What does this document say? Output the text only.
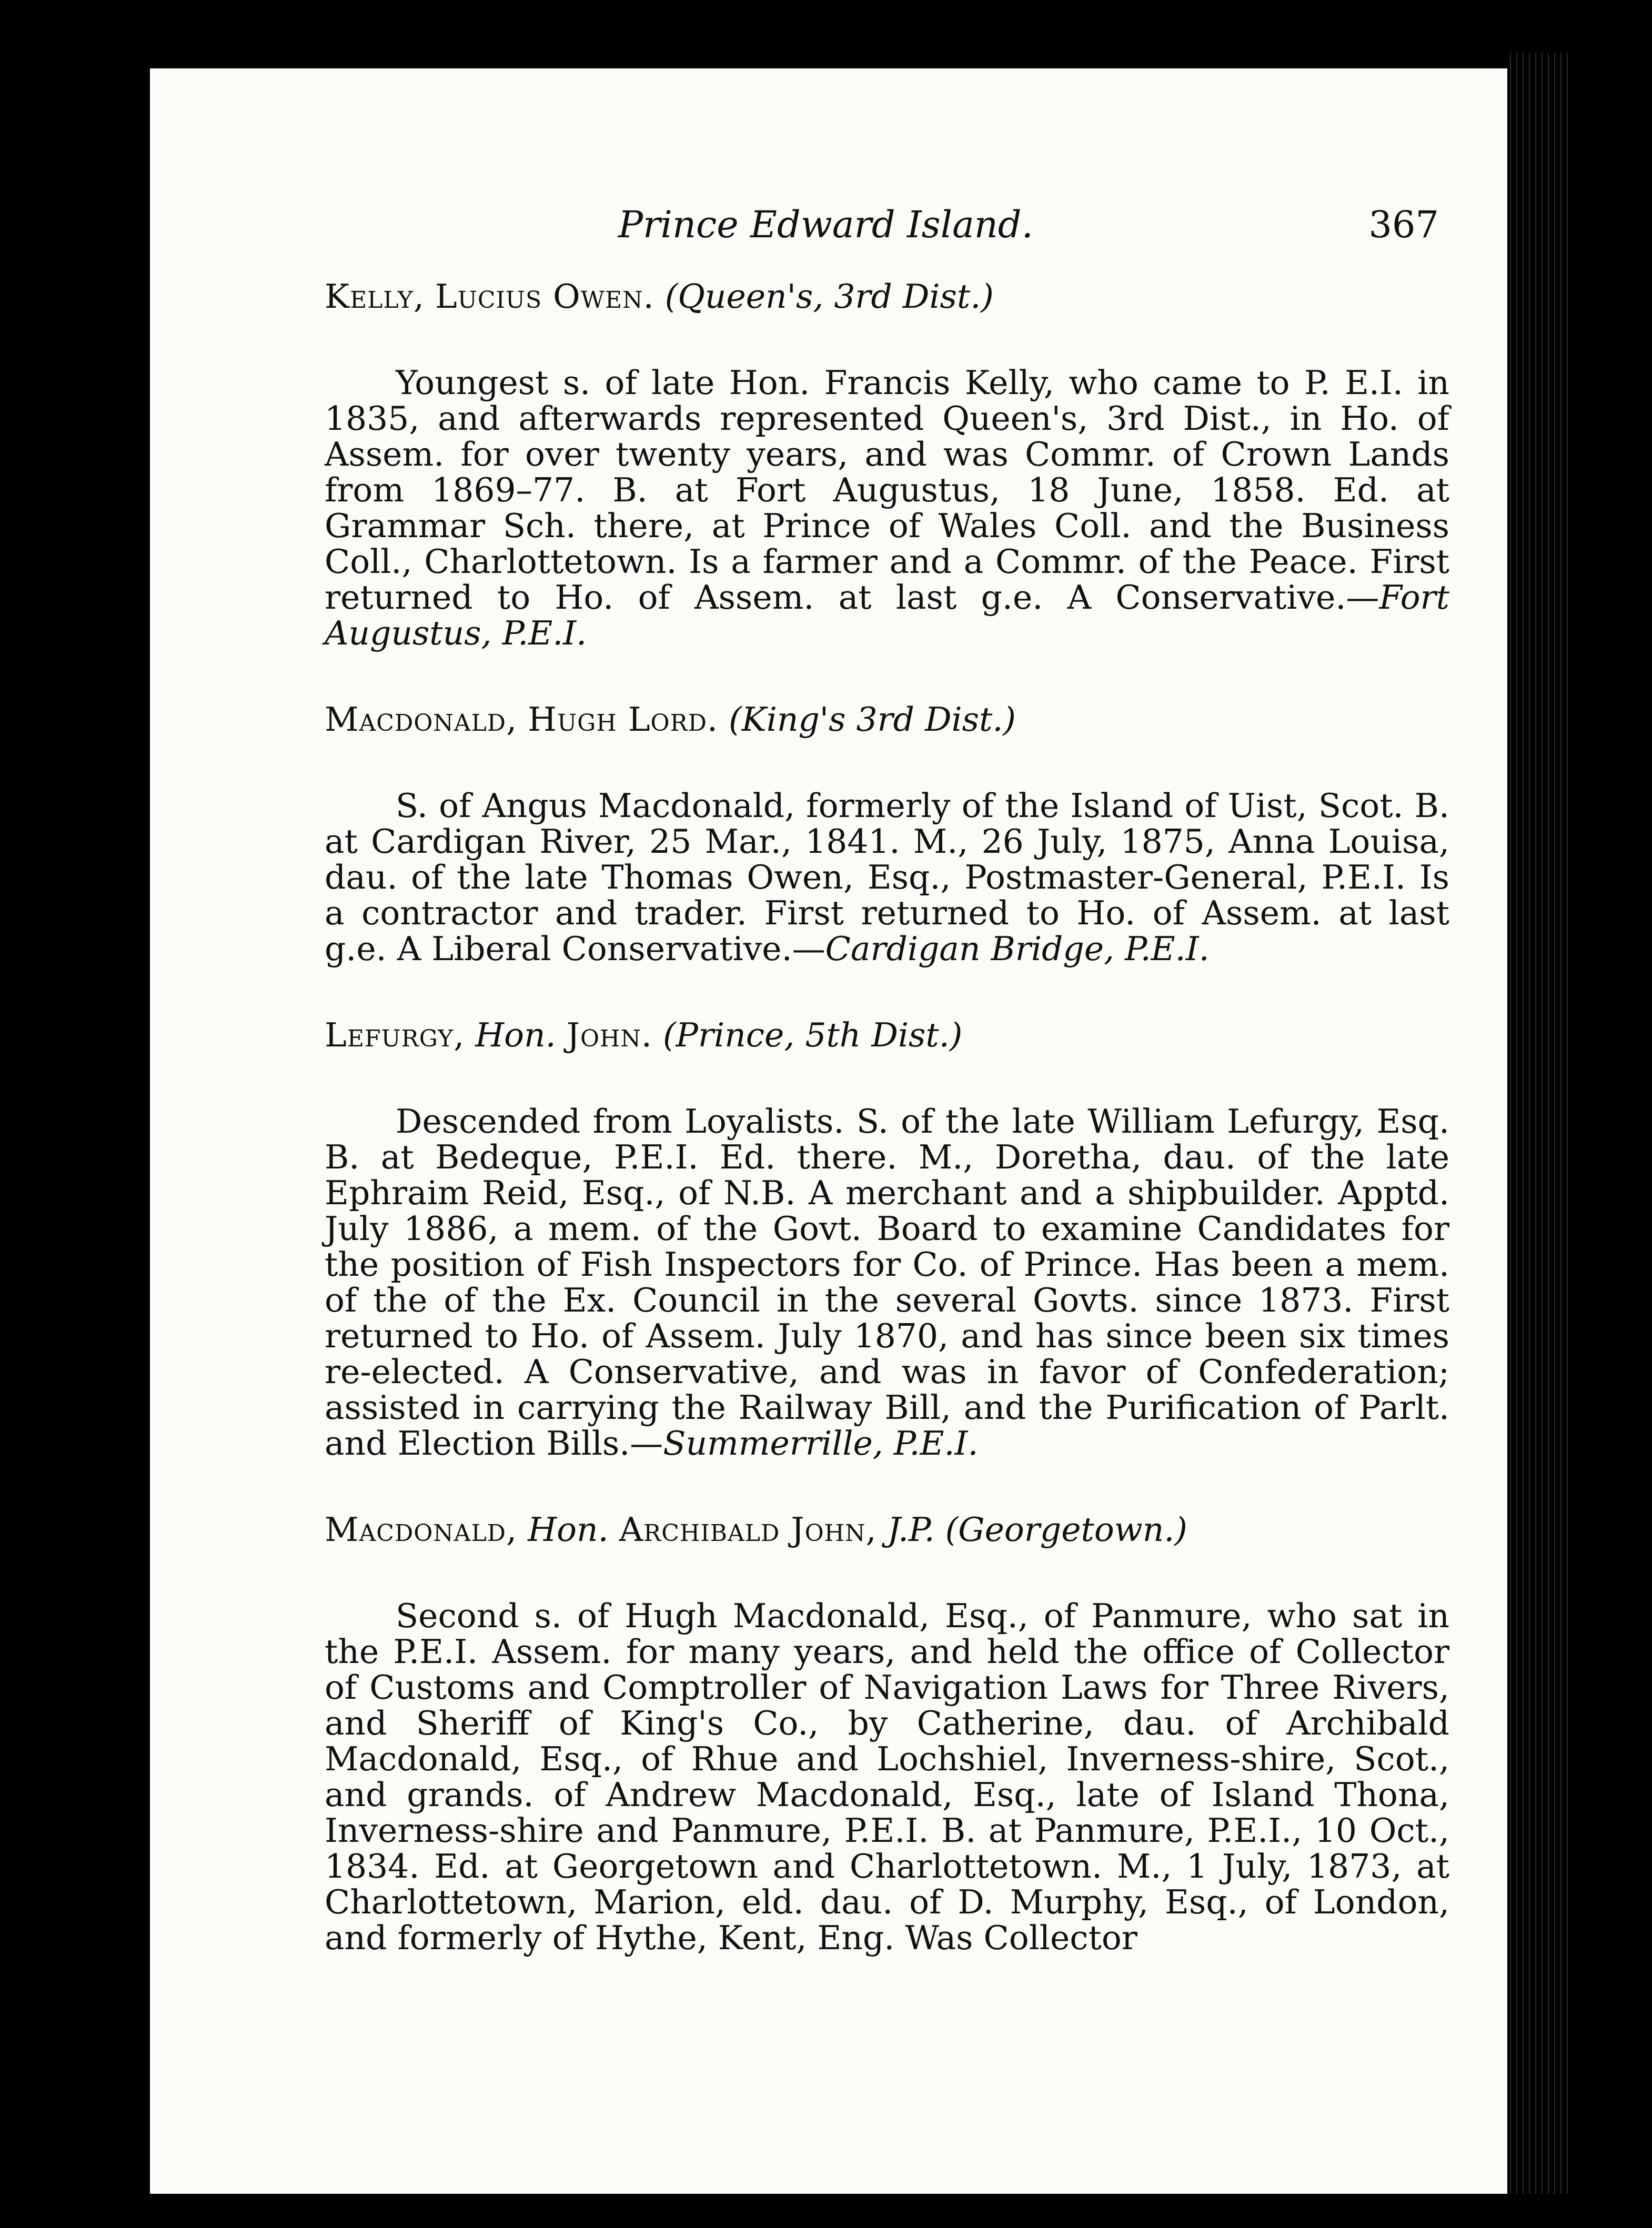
Prince Edward Island.	367

Kelly, Lucius Owen. (Queen's, 3rd Dist.)

Youngest s. of late Hon. Francis Kelly, who came to P. E.I. in 1835, and afterwards represented Queen's, 3rd Dist., in Ho. of Assem. for over twenty years, and was Commr. of Crown Lands from 1869–77. B. at Fort Augustus, 18 June, 1858. Ed. at Grammar Sch. there, at Prince of Wales Coll. and the Business Coll., Charlottetown. Is a farmer and a Commr. of the Peace. First returned to Ho. of Assem. at last g.e. A Conservative.—Fort Augustus, P.E.I.

Macdonald, Hugh Lord. (King's 3rd Dist.)

S. of Angus Macdonald, formerly of the Island of Uist, Scot. B. at Cardigan River, 25 Mar., 1841. M., 26 July, 1875, Anna Louisa, dau. of the late Thomas Owen, Esq., Postmaster-General, P.E.I. Is a contractor and trader. First returned to Ho. of Assem. at last g.e. A Liberal Conservative.—Cardigan Bridge, P.E.I.

Lefurgy, Hon. John. (Prince, 5th Dist.)

Descended from Loyalists. S. of the late William Lefurgy, Esq. B. at Bedeque, P.E.I. Ed. there. M., Doretha, dau. of the late Ephraim Reid, Esq., of N.B. A merchant and a shipbuilder. Apptd. July 1886, a mem. of the Govt. Board to examine Candidates for the position of Fish Inspectors for Co. of Prince. Has been a mem. of the of the Ex. Council in the several Govts. since 1873. First returned to Ho. of Assem. July 1870, and has since been six times re-elected. A Conservative, and was in favor of Confederation; assisted in carrying the Railway Bill, and the Purification of Parlt. and Election Bills.—Summerrille, P.E.I.

Macdonald, Hon. Archibald John, J.P. (Georgetown.)

Second s. of Hugh Macdonald, Esq., of Panmure, who sat in the P.E.I. Assem. for many years, and held the office of Collector of Customs and Comptroller of Navigation Laws for Three Rivers, and Sheriff of King's Co., by Catherine, dau. of Archibald Macdonald, Esq., of Rhue and Lochshiel, Inverness-shire, Scot., and grands. of Andrew Macdonald, Esq., late of Island Thona, Inverness-shire and Panmure, P.E.I. B. at Panmure, P.E.I., 10 Oct., 1834. Ed. at Georgetown and Charlottetown. M., 1 July, 1873, at Charlottetown, Marion, eld. dau. of D. Murphy, Esq., of London, and formerly of Hythe, Kent, Eng. Was Collector
